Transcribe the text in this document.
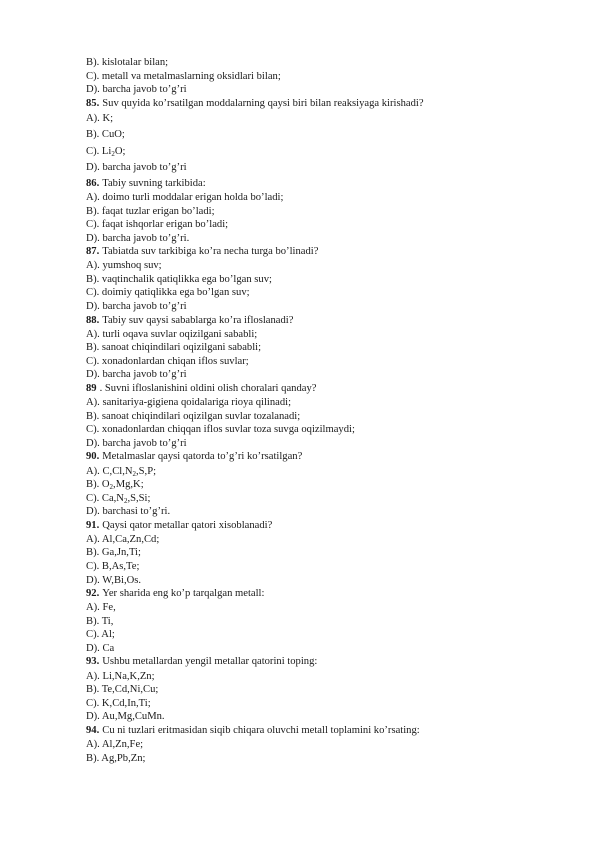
B). kislotalar bilan;
C). metall va metalmaslarning oksidlari bilan;
D). barcha javob to’g’ri
85. Suv quyida ko’rsatilgan moddalarning qaysi biri bilan reaksiyaga kirishadi?
A). K;
B). CuO;
C). $Li_2O$;
D). barcha javob to’g’ri
86. Tabiy suvning tarkibida:
A). doimo turli moddalar erigan holda bo’ladi;
B). faqat tuzlar erigan bo’ladi;
C). faqat ishqorlar erigan bo’ladi;
D). barcha javob to’g’ri.
87. Tabiatda suv tarkibiga ko’ra necha turga bo’linadi?
A). yumshoq suv;
B). vaqtinchalik qatiqlikka ega bo’lgan suv;
C). doimiy qatiqlikka ega bo’lgan suv;
D). barcha javob to’g’ri
88. Tabiy suv qaysi sabablarga ko’ra ifloslanadi?
A). turli oqava suvlar oqizilgani sababli;
B). sanoat chiqindilari oqizilgani sababli;
C). xonadonlardan chiqan iflos suvlar;
D). barcha javob to’g’ri
89 . Suvni ifloslanishini oldini olish choralari qanday?
A). sanitariya-gigiena qoidalariga rioya qilinadi;
B). sanoat chiqindilari oqizilgan suvlar tozalanadi;
C). xonadonlardan chiqqan iflos suvlar toza suvga oqizilmaydi;
D). barcha javob to’g’ri
90. Metalmaslar qaysi qatorda to’g’ri ko’rsatilgan?
A). $C,Cl,N_2,S,P$;
B). $O_2,Mg,K$;
C). $Ca,N_2,S,Si$;
D). barchasi to’g’ri.
91. Qaysi qator metallar qatori xisoblanadi?
A). Al,Ca,Zn,Cd;
B). Ga,Jn,Ti;
C). B,As,Te;
D). W,Bi,Os.
92. Yer sharida eng ko’p tarqalgan metall:
A). Fe,
B). Ti,
C). Al;
D). Ca
93. Ushbu metallardan yengil metallar qatorini toping:
A). Li,Na,K,Zn;
B). Te,Cd,Ni,Cu;
C). K,Cd,In,Ti;
D). Au,Mg,CuMn.
94. Cu ni tuzlari eritmasidan siqib chiqara oluvchi metall toplamini ko’rsating:
A). Al,Zn,Fe;
B). Ag,Pb,Zn;
